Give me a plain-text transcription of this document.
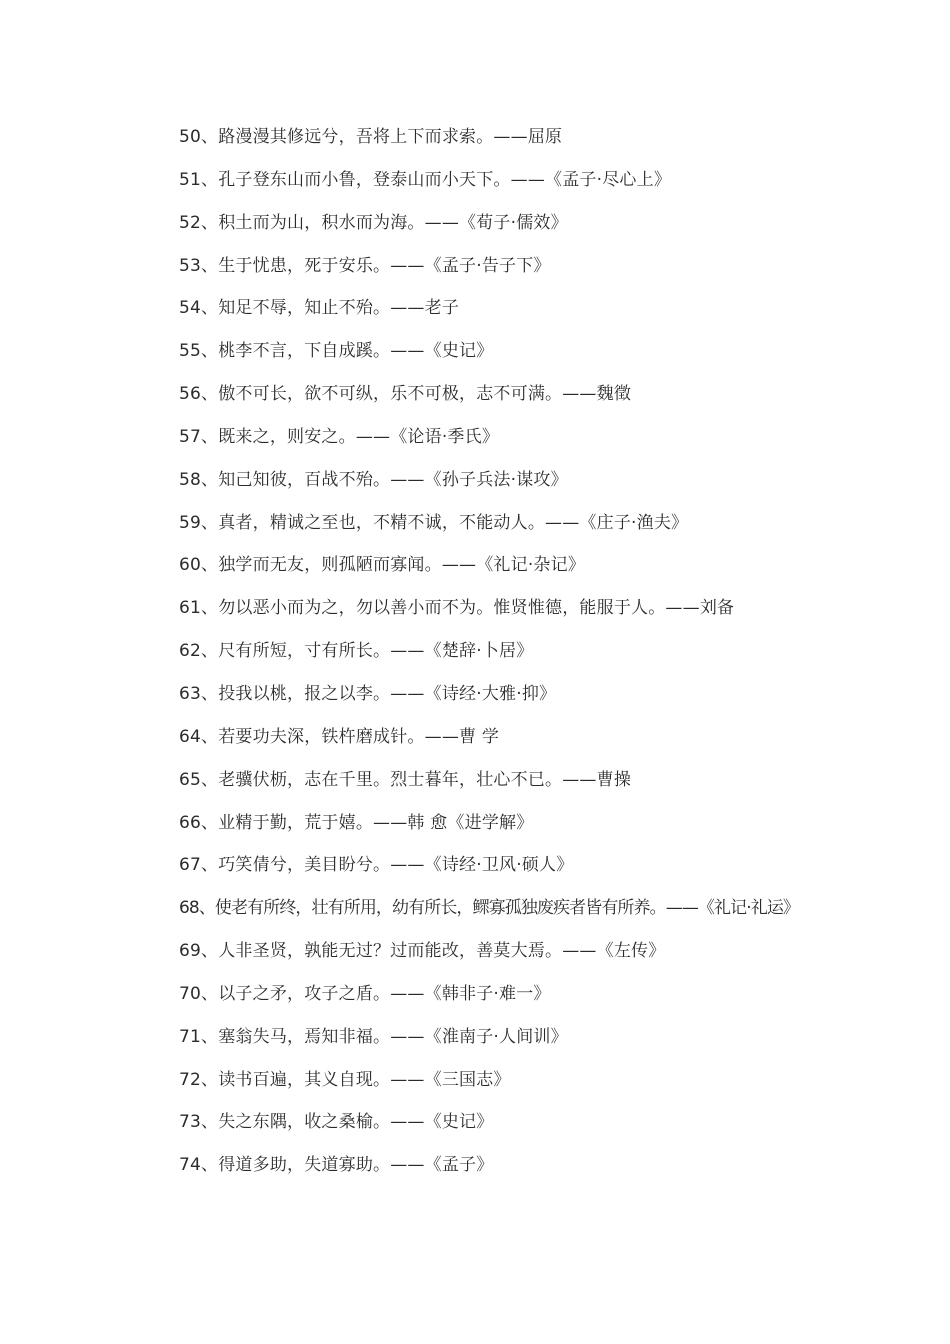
50、路漫漫其修远兮，吾将上下而求索。——屈原
51、孔子登东山而小鲁，登泰山而小天下。——《孟子·尽心上》
52、积土而为山，积水而为海。——《荀子·儒效》
53、生于忧患，死于安乐。——《孟子·告子下》
54、知足不辱，知止不殆。——老子
55、桃李不言，下自成蹊。——《史记》
56、傲不可长，欲不可纵，乐不可极，志不可满。——魏徵
57、既来之，则安之。——《论语·季氏》
58、知己知彼，百战不殆。——《孙子兵法·谋攻》
59、真者，精诚之至也，不精不诚，不能动人。——《庄子·渔夫》
60、独学而无友，则孤陋而寡闻。——《礼记·杂记》
61、勿以恶小而为之，勿以善小而不为。惟贤惟德，能服于人。——刘备
62、尺有所短，寸有所长。——《楚辞·卜居》
63、投我以桃，报之以李。——《诗经·大雅·抑》
64、若要功夫深，铁杵磨成针。——曹 学
65、老骥伏枥，志在千里。烈士暮年，壮心不已。——曹操
66、业精于勤，荒于嬉。——韩 愈《进学解》
67、巧笑倩兮，美目盼兮。——《诗经·卫风·硕人》
68、使老有所终，壮有所用，幼有所长，鳏寡孤独废疾者皆有所养。——《礼记·礼运》
69、人非圣贤，孰能无过？过而能改，善莫大焉。——《左传》
70、以子之矛，攻子之盾。——《韩非子·难一》
71、塞翁失马，焉知非福。——《淮南子·人间训》
72、读书百遍，其义自现。——《三国志》
73、失之东隅，收之桑榆。——《史记》
74、得道多助，失道寡助。——《孟子》
